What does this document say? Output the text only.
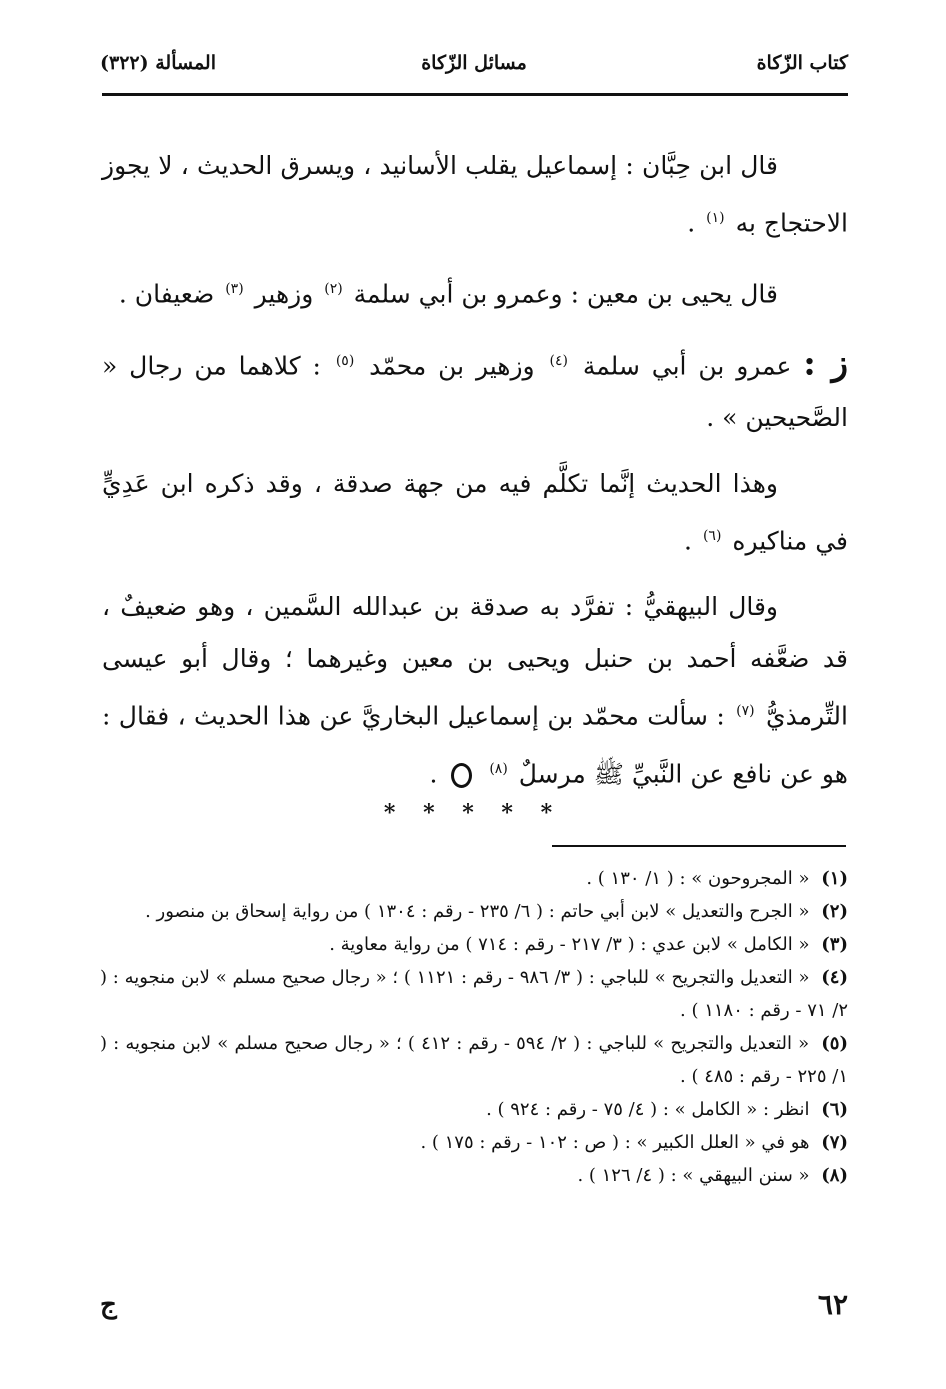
كتاب الزّكاة
مسائل الزّكاة
المسألة (٣٢٢)

قال ابن حِبَّان : إسماعيل يقلب الأسانيد ، ويسرق الحديث ، لا يجوز الاحتجاج به $^{(١)}$ .

قال يحيى بن معين : وعمرو بن أبي سلمة $^{(٢)}$ وزهير $^{(٣)}$ ضعيفان .

ز : عمرو بن أبي سلمة $^{(٤)}$ وزهير بن محمّد $^{(٥)}$ : كلاهما من رجال « الصَّحيحين » .

وهذا الحديث إنَّما تكلَّم فيه من جهة صدقة ، وقد ذكره ابن عَدِيٍّ في مناكيره $^{(٦)}$ .

وقال البيهقيُّ : تفرَّد به صدقة بن عبدالله السَّمين ، وهو ضعيفٌ ، قد ضعَّفه أحمد بن حنبل ويحيى بن معين وغيرهما ؛ وقال أبو عيسى التِّرمذيُّ $^{(٧)}$ : سألت محمّد بن إسماعيل البخاريَّ عن هذا الحديث ، فقال : هو عن نافع عن النَّبيِّ ﷺ مرسلٌ $^{(٨)}$  .

* * * * *

(١) « المجروحون » : ( ١/ ١٣٠ ) .

(٢) « الجرح والتعديل » لابن أبي حاتم : ( ٦/ ٢٣٥ - رقم : ١٣٠٤ ) من رواية إسحاق بن منصور .

(٣) « الكامل » لابن عدي : ( ٣/ ٢١٧ - رقم : ٧١٤ ) من رواية معاوية .

(٤) « التعديل والتجريح » للباجي : ( ٣/ ٩٨٦ - رقم : ١١٢١ ) ؛ « رجال صحيح مسلم » لابن منجويه : ( ٢/ ٧١ - رقم : ١١٨٠ ) .

(٥) « التعديل والتجريح » للباجي : ( ٢/ ٥٩٤ - رقم : ٤١٢ ) ؛ « رجال صحيح مسلم » لابن منجويه : ( ١/ ٢٢٥ - رقم : ٤٨٥ ) .

(٦) انظر : « الكامل » : ( ٤/ ٧٥ - رقم : ٩٢٤ ) .

(٧) هو في « العلل الكبير » : ( ص : ١٠٢ - رقم : ١٧٥ ) .

(٨) « سنن البيهقي » : ( ٤/ ١٢٦ ) .

٦٢
ج
